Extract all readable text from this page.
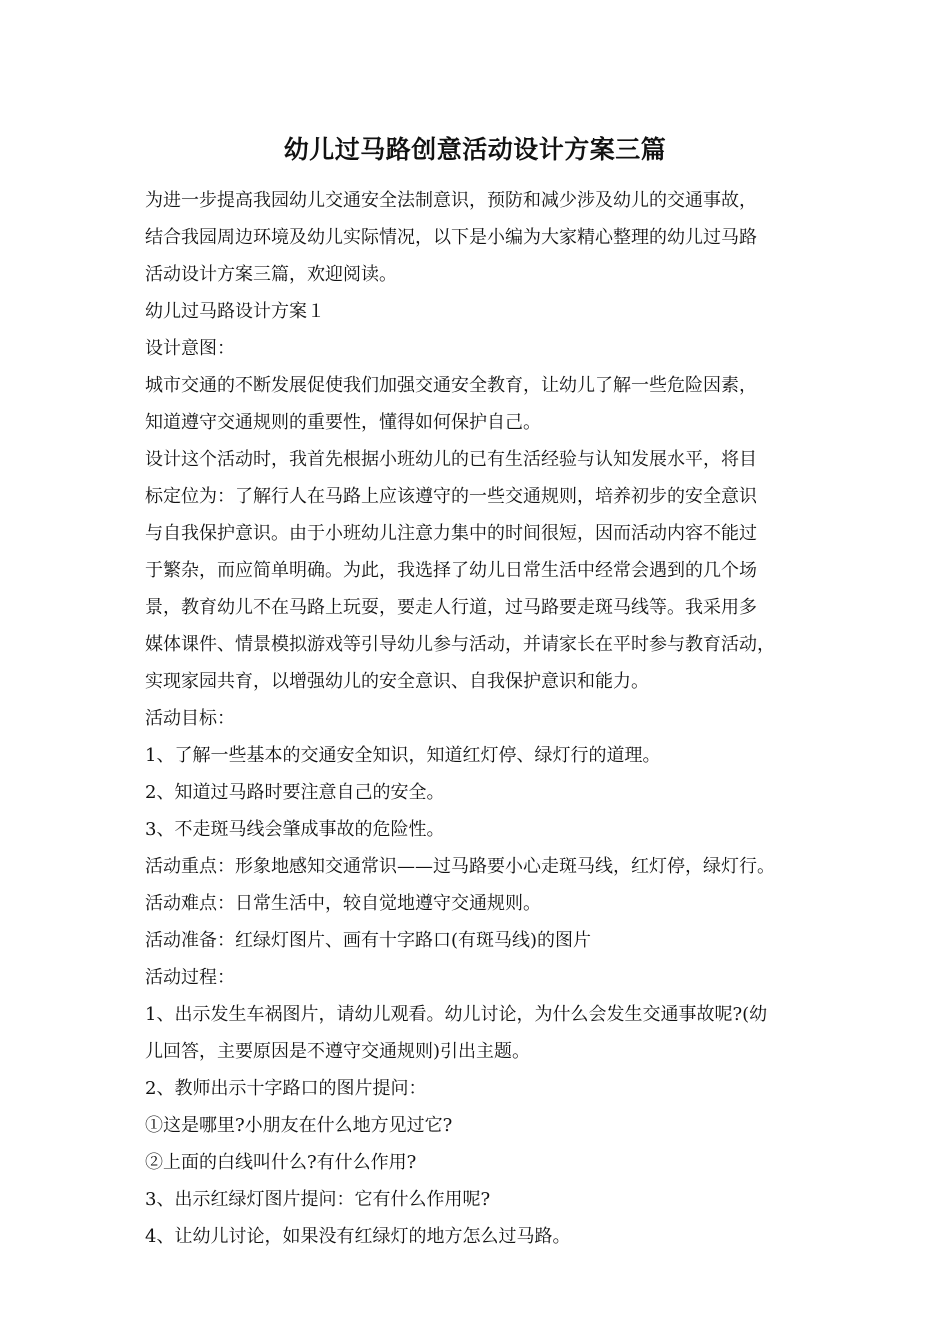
幼儿过马路创意活动设计方案三篇

为进一步提高我园幼儿交通安全法制意识，预防和减少涉及幼儿的交通事故，

结合我园周边环境及幼儿实际情况，以下是小编为大家精心整理的幼儿过马路

活动设计方案三篇，欢迎阅读。

幼儿过马路设计方案１

设计意图：

城市交通的不断发展促使我们加强交通安全教育，让幼儿了解一些危险因素，

知道遵守交通规则的重要性，懂得如何保护自己。

设计这个活动时，我首先根据小班幼儿的已有生活经验与认知发展水平，将目

标定位为：了解行人在马路上应该遵守的一些交通规则，培养初步的安全意识

与自我保护意识。由于小班幼儿注意力集中的时间很短，因而活动内容不能过

于繁杂，而应简单明确。为此，我选择了幼儿日常生活中经常会遇到的几个场

景，教育幼儿不在马路上玩耍，要走人行道，过马路要走斑马线等。我采用多

媒体课件、情景模拟游戏等引导幼儿参与活动，并请家长在平时参与教育活动，

实现家园共育，以增强幼儿的安全意识、自我保护意识和能力。

活动目标：

1、了解一些基本的交通安全知识，知道红灯停、绿灯行的道理。

2、知道过马路时要注意自己的安全。

3、不走斑马线会肇成事故的危险性。

活动重点：形象地感知交通常识——过马路要小心走斑马线，红灯停，绿灯行。

活动难点：日常生活中，较自觉地遵守交通规则。

活动准备：红绿灯图片、画有十字路口(有斑马线)的图片

活动过程：

1、出示发生车祸图片，请幼儿观看。幼儿讨论，为什么会发生交通事故呢?(幼

儿回答，主要原因是不遵守交通规则)引出主题。

2、教师出示十字路口的图片提问：

①这是哪里?小朋友在什么地方见过它?

②上面的白线叫什么?有什么作用?

3、出示红绿灯图片提问：它有什么作用呢?

4、让幼儿讨论，如果没有红绿灯的地方怎么过马路。
